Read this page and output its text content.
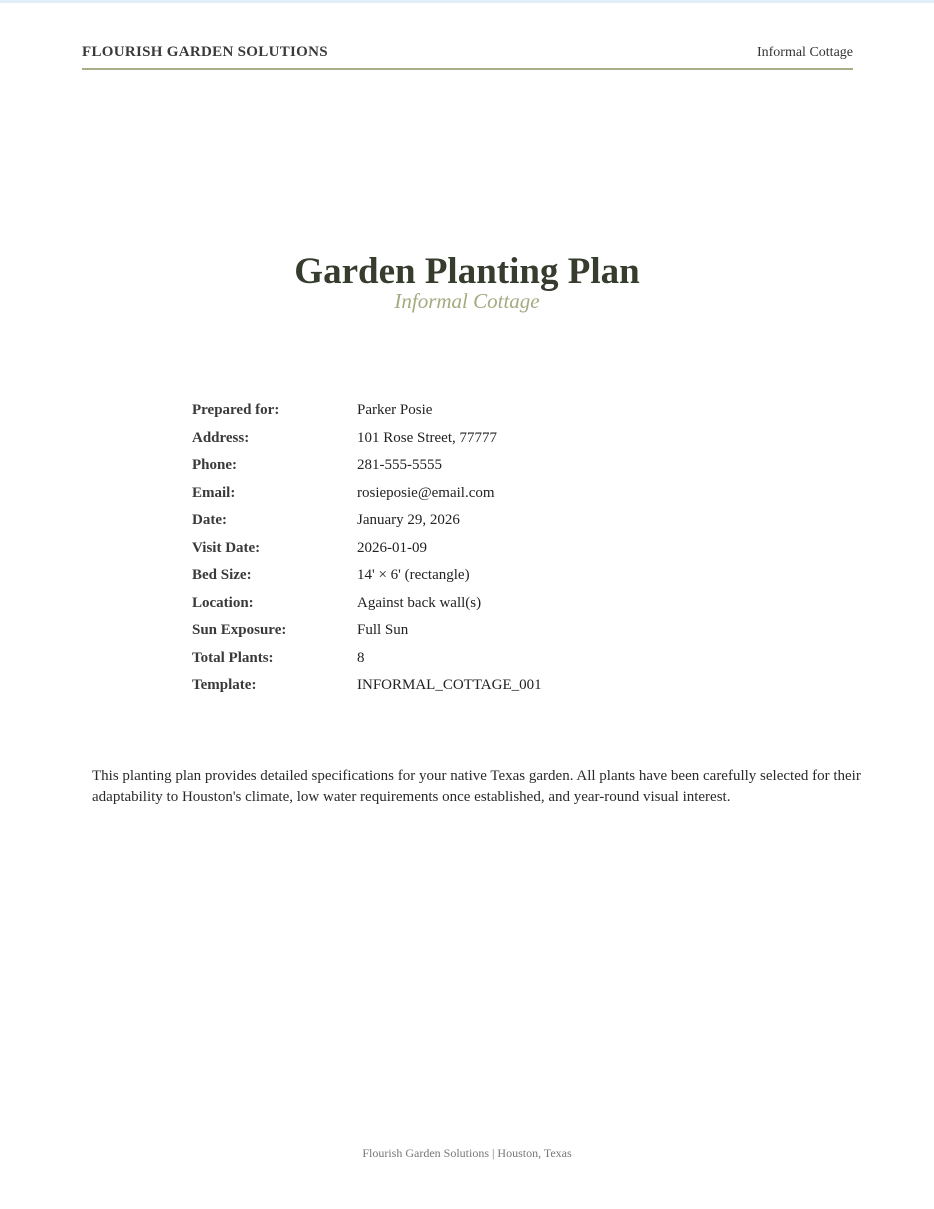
FLOURISH GARDEN SOLUTIONS	Informal Cottage
Garden Planting Plan
Informal Cottage
Prepared for:	Parker Posie
Address:	101 Rose Street, 77777
Phone:	281-555-5555
Email:	rosieposie@email.com
Date:	January 29, 2026
Visit Date:	2026-01-09
Bed Size:	14' × 6' (rectangle)
Location:	Against back wall(s)
Sun Exposure:	Full Sun
Total Plants:	8
Template:	INFORMAL_COTTAGE_001

This planting plan provides detailed specifications for your native Texas garden. All plants have been carefully selected for their adaptability to Houston's climate, low water requirements once established, and year-round visual interest.

Flourish Garden Solutions | Houston, Texas
